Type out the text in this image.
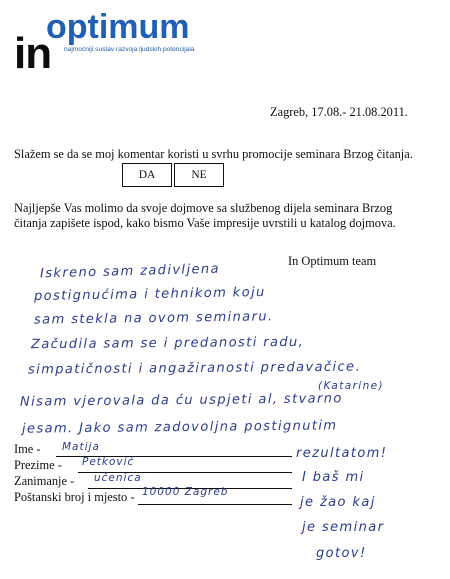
optimum
in najmoćniji sustav razvoja ljudskih potencijala
Zagreb, 17.08.- 21.08.2011.
Slažem se da se moj komentar koristi u svrhu promocije seminara Brzog čitanja.
DA	NE
Najljepše Vas molimo da svoje dojmove sa službenog dijela seminara Brzog
čitanja zapišete ispod, kako bismo Vaše impresije uvrstili u katalog dojmova.
In Optimum team
Iskreno sam zadivljena
postignućima i tehnikom koju
sam stekla na ovom seminaru.
Začudila sam se i predanosti radu,
simpatičnosti i angažiranosti predavačice.
(Katarine)
Nisam vjerovala da ću uspjeti al, stvarno
jesam. Jako sam zadovoljna postignutim
rezultatom!
I baš mi
je žao kaj
je seminar
gotov!
Ime - Matija
Prezime - Petković
Zanimanje - učenica
Poštanski broj i mjesto - 10000 Zagreb
